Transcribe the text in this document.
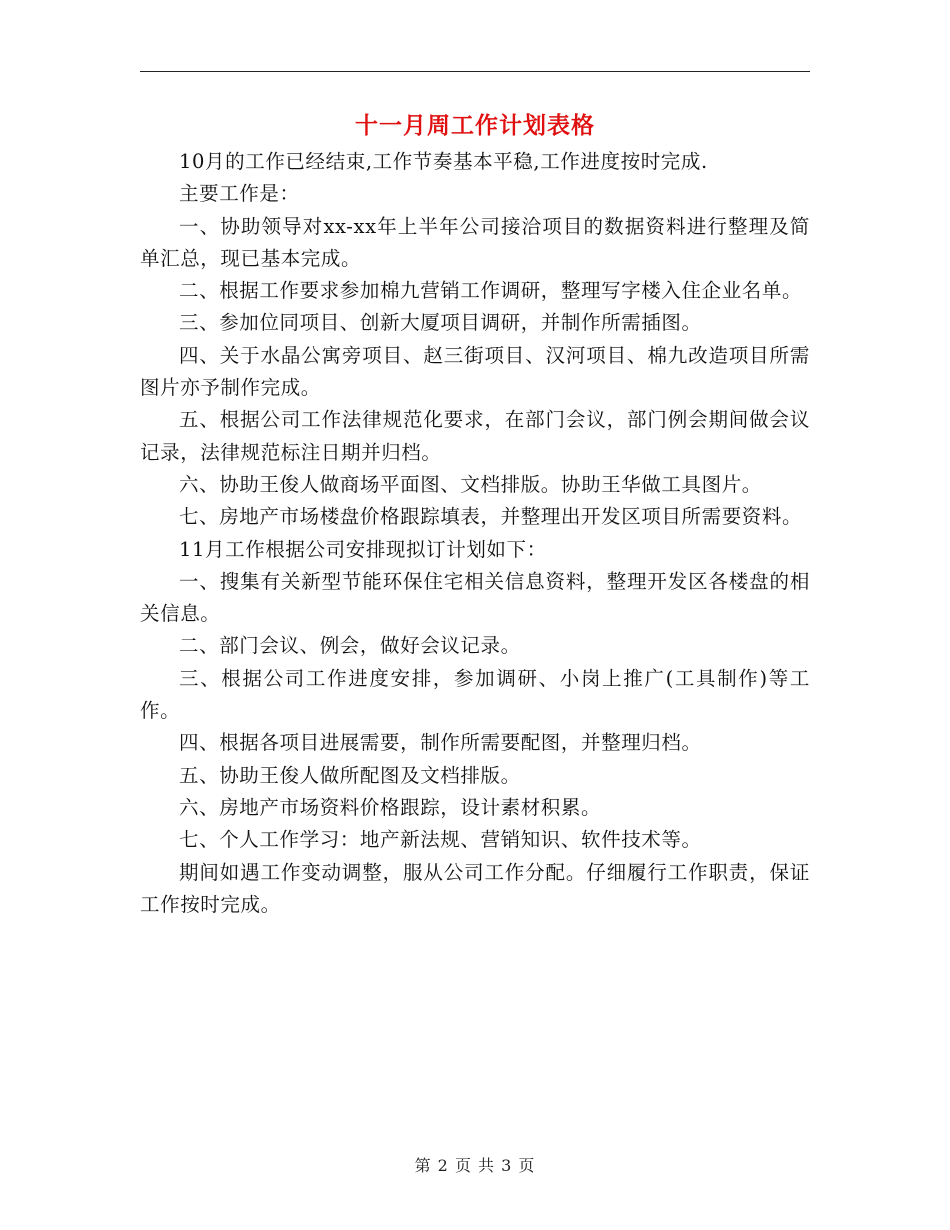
十一月周工作计划表格

10月的工作已经结束,工作节奏基本平稳,工作进度按时完成.

主要工作是：

一、协助领导对xx-xx年上半年公司接洽项目的数据资料进行整理及简单汇总，现已基本完成。

二、根据工作要求参加棉九营销工作调研，整理写字楼入住企业名单。

三、参加位同项目、创新大厦项目调研，并制作所需插图。

四、关于水晶公寓旁项目、赵三街项目、汉河项目、棉九改造项目所需图片亦予制作完成。

五、根据公司工作法律规范化要求，在部门会议，部门例会期间做会议记录，法律规范标注日期并归档。

六、协助王俊人做商场平面图、文档排版。协助王华做工具图片。

七、房地产市场楼盘价格跟踪填表，并整理出开发区项目所需要资料。

11月工作根据公司安排现拟订计划如下：

一、搜集有关新型节能环保住宅相关信息资料，整理开发区各楼盘的相关信息。

二、部门会议、例会，做好会议记录。

三、根据公司工作进度安排，参加调研、小岗上推广(工具制作)等工作。

四、根据各项目进展需要，制作所需要配图，并整理归档。

五、协助王俊人做所配图及文档排版。

六、房地产市场资料价格跟踪，设计素材积累。

七、个人工作学习：地产新法规、营销知识、软件技术等。

期间如遇工作变动调整，服从公司工作分配。仔细履行工作职责，保证工作按时完成。

第 2 页 共 3 页
